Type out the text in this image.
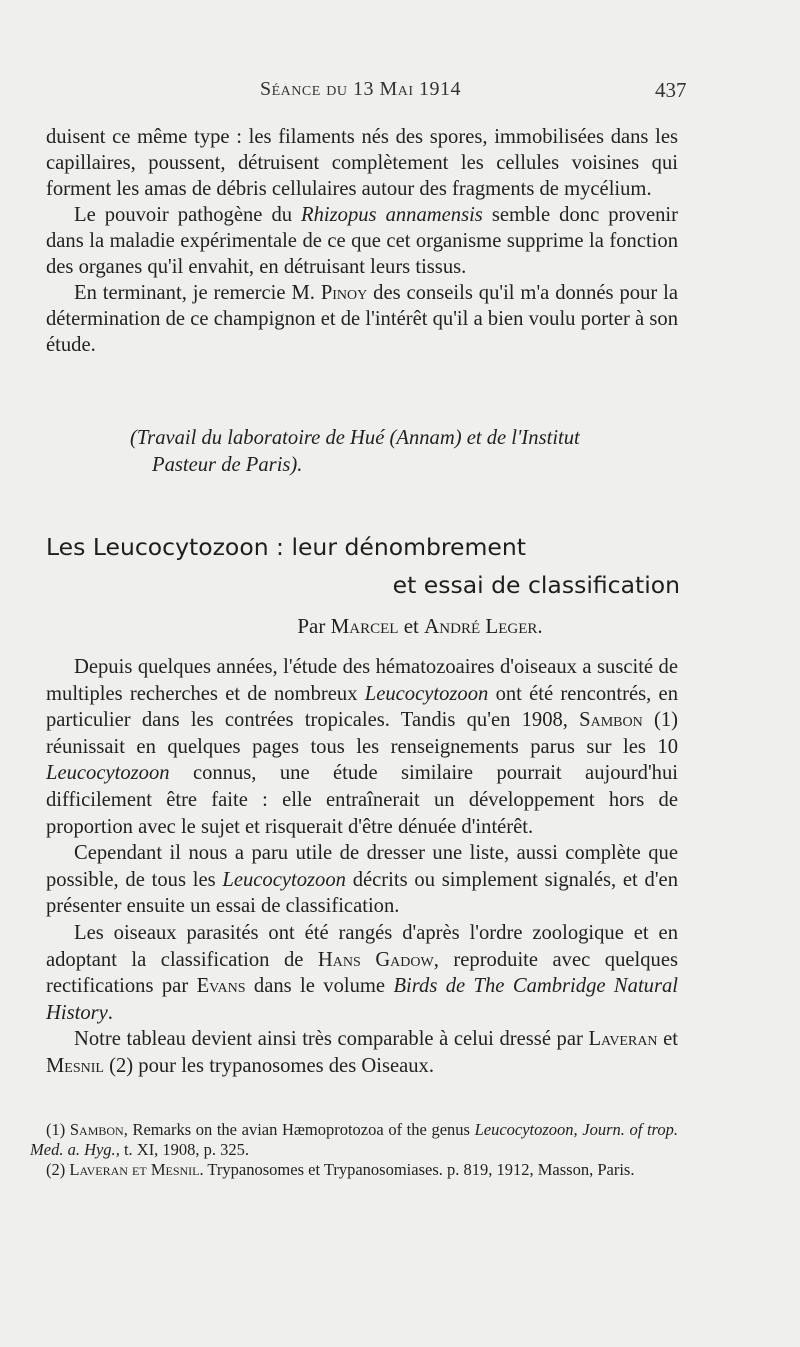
Séance du 13 Mai 1914	437

duisent ce même type : les filaments nés des spores, immobilisées dans les capillaires, poussent, détruisent complètement les cellules voisines qui forment les amas de débris cellulaires autour des fragments de mycélium.

Le pouvoir pathogène du Rhizopus annamensis semble donc provenir dans la maladie expérimentale de ce que cet organisme supprime la fonction des organes qu'il envahit, en détruisant leurs tissus.

En terminant, je remercie M. Pinoy des conseils qu'il m'a donnés pour la détermination de ce champignon et de l'intérêt qu'il a bien voulu porter à son étude.

(Travail du laboratoire de Hué (Annam) et de l'Institut
Pasteur de Paris).
Les Leucocytozoon : leur dénombrement
et essai de classification
Par Marcel et André Leger.

Depuis quelques années, l'étude des hématozoaires d'oiseaux a suscité de multiples recherches et de nombreux Leucocytozoon ont été rencontrés, en particulier dans les contrées tropicales. Tandis qu'en 1908, Sambon (1) réunissait en quelques pages tous les renseignements parus sur les 10 Leucocytozoon connus, une étude similaire pourrait aujourd'hui difficilement être faite : elle entraînerait un développement hors de proportion avec le sujet et risquerait d'être dénuée d'intérêt.

Cependant il nous a paru utile de dresser une liste, aussi complète que possible, de tous les Leucocytozoon décrits ou simplement signalés, et d'en présenter ensuite un essai de classification.

Les oiseaux parasités ont été rangés d'après l'ordre zoologique et en adoptant la classification de Hans Gadow, reproduite avec quelques rectifications par Evans dans le volume Birds de The Cambridge Natural History.

Notre tableau devient ainsi très comparable à celui dressé par Laveran et Mesnil (2) pour les trypanosomes des Oiseaux.

(1) Sambon, Remarks on the avian Hæmoprotozoa of the genus Leucocytozoon, Journ. of trop. Med. a. Hyg., t. XI, 1908, p. 325.

(2) Laveran et Mesnil. Trypanosomes et Trypanosomiases. p. 819, 1912, Masson, Paris.
